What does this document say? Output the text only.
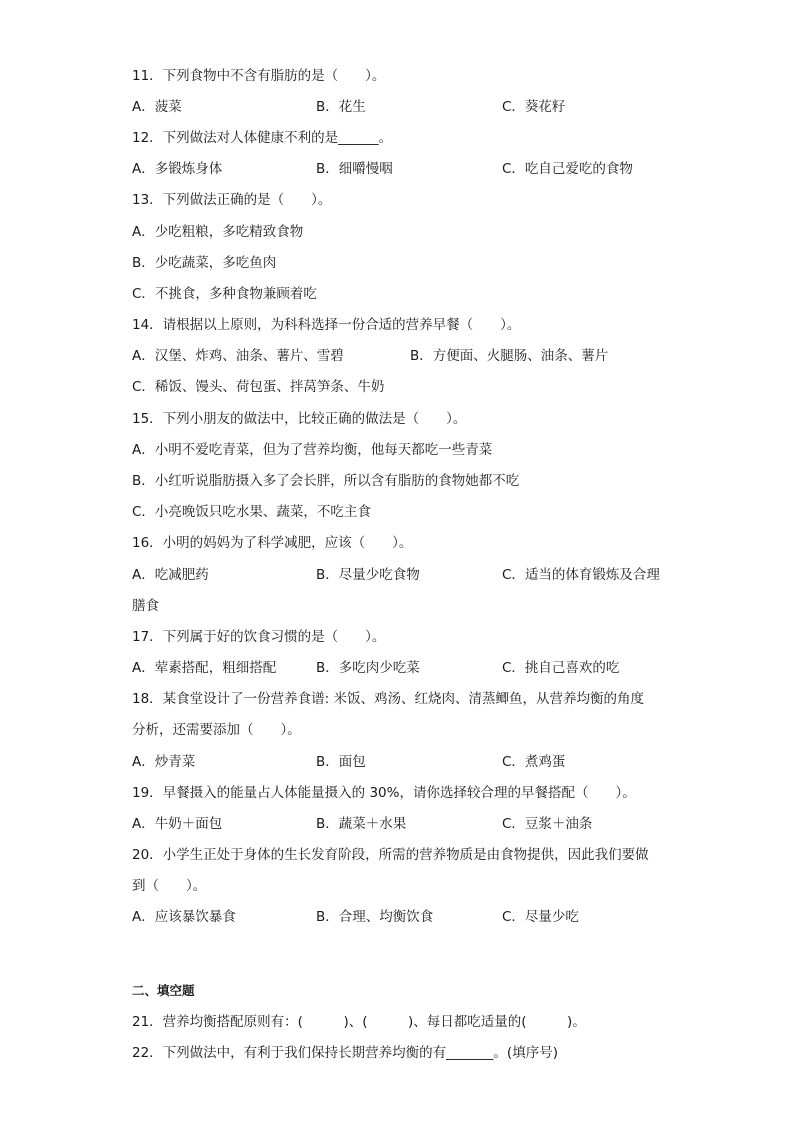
11．下列食物中不含有脂肪的是（　　）。
A．菠菜	B．花生	C．葵花籽
12．下列做法对人体健康不利的是______。
A．多锻炼身体	B．细嚼慢咽	C．吃自己爱吃的食物
13．下列做法正确的是（　　）。
A．少吃粗粮，多吃精致食物
B．少吃蔬菜，多吃鱼肉
C．不挑食，多种食物兼顾着吃
14．请根据以上原则，为科科选择一份合适的营养早餐（　　）。
A．汉堡、炸鸡、油条、薯片、雪碧	B．方便面、火腿肠、油条、薯片
C．稀饭、馒头、荷包蛋、拌莴笋条、牛奶
15．下列小朋友的做法中，比较正确的做法是（　　）。
A．小明不爱吃青菜，但为了营养均衡，他每天都吃一些青菜
B．小红听说脂肪摄入多了会长胖，所以含有脂肪的食物她都不吃
C．小亮晚饭只吃水果、蔬菜，不吃主食
16．小明的妈妈为了科学减肥，应该（　　）。
A．吃减肥药	B．尽量少吃食物	C．适当的体育锻炼及合理
膳食
17．下列属于好的饮食习惯的是（　　）。
A．荤素搭配，粗细搭配	B．多吃肉少吃菜	C．挑自己喜欢的吃
18．某食堂设计了一份营养食谱: 米饭、鸡汤、红烧肉、清蒸鲫鱼，从营养均衡的角度
分析，还需要添加（　　）。
A．炒青菜	B．面包	C．煮鸡蛋
19．早餐摄入的能量占人体能量摄入的 30%，请你选择较合理的早餐搭配（　　）。
A．牛奶＋面包	B．蔬菜＋水果	C．豆浆＋油条
20．小学生正处于身体的生长发育阶段，所需的营养物质是由食物提供，因此我们要做
到（　　）。
A．应该暴饮暴食	B．合理、均衡饮食	C．尽量少吃
二、填空题
21．营养均衡搭配原则有：(　　　)、(　　　)、每日都吃适量的(　　　)。
22．下列做法中，有利于我们保持长期营养均衡的有_______。(填序号)
